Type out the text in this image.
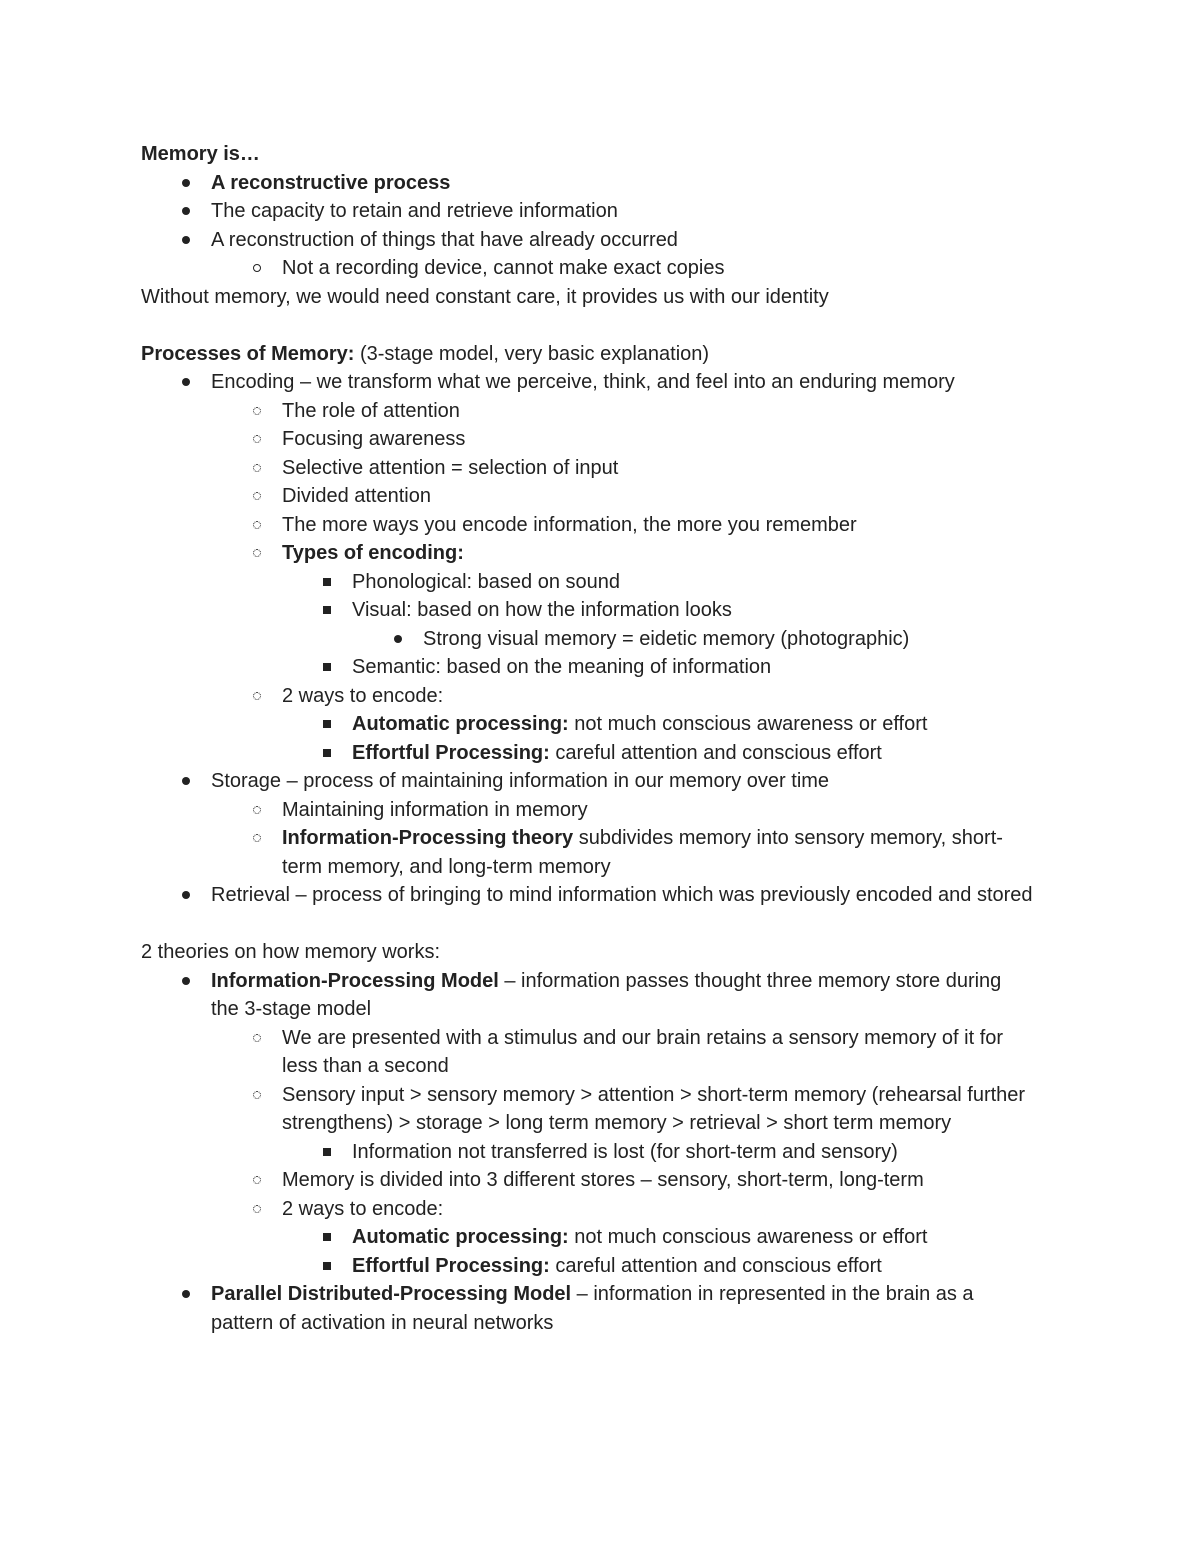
Memory is…
A reconstructive process
The capacity to retain and retrieve information
A reconstruction of things that have already occurred
Not a recording device, cannot make exact copies
Without memory, we would need constant care, it provides us with our identity
Processes of Memory: (3-stage model, very basic explanation)
Encoding – we transform what we perceive, think, and feel into an enduring memory
The role of attention
Focusing awareness
Selective attention = selection of input
Divided attention
The more ways you encode information, the more you remember
Types of encoding:
Phonological: based on sound
Visual: based on how the information looks
Strong visual memory = eidetic memory (photographic)
Semantic: based on the meaning of information
2 ways to encode:
Automatic processing: not much conscious awareness or effort
Effortful Processing: careful attention and conscious effort
Storage – process of maintaining information in our memory over time
Maintaining information in memory
Information-Processing theory subdivides memory into sensory memory, short-term memory, and long-term memory
Retrieval – process of bringing to mind information which was previously encoded and stored
2 theories on how memory works:
Information-Processing Model – information passes thought three memory store during the 3-stage model
We are presented with a stimulus and our brain retains a sensory memory of it for less than a second
Sensory input > sensory memory > attention > short-term memory (rehearsal further strengthens) > storage > long term memory > retrieval > short term memory
Information not transferred is lost (for short-term and sensory)
Memory is divided into 3 different stores – sensory, short-term, long-term
2 ways to encode:
Automatic processing: not much conscious awareness or effort
Effortful Processing: careful attention and conscious effort
Parallel Distributed-Processing Model – information in represented in the brain as a pattern of activation in neural networks
